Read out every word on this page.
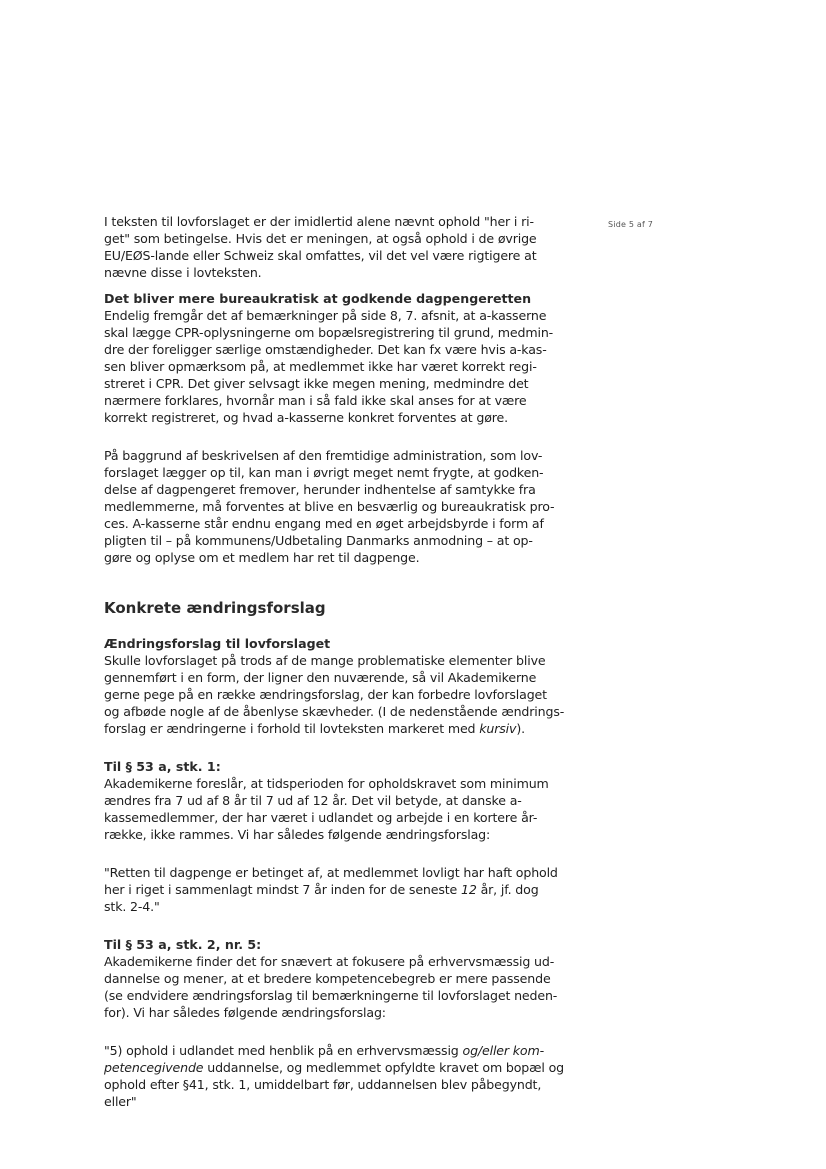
Side 5 af 7
I teksten til lovforslaget er der imidlertid alene nævnt ophold "her i ri-
get" som betingelse. Hvis det er meningen, at også ophold i de øvrige
EU/EØS-lande eller Schweiz skal omfattes, vil det vel være rigtigere at
nævne disse i lovteksten.
Det bliver mere bureaukratisk at godkende dagpengeretten
Endelig fremgår det af bemærkninger på side 8, 7. afsnit, at a-kasserne
skal lægge CPR-oplysningerne om bopælsregistrering til grund, medmin-
dre der foreligger særlige omstændigheder. Det kan fx være hvis a-kas-
sen bliver opmærksom på, at medlemmet ikke har været korrekt regi-
streret i CPR. Det giver selvsagt ikke megen mening, medmindre det
nærmere forklares, hvornår man i så fald ikke skal anses for at være
korrekt registreret, og hvad a-kasserne konkret forventes at gøre.
På baggrund af beskrivelsen af den fremtidige administration, som lov-
forslaget lægger op til, kan man i øvrigt meget nemt frygte, at godken-
delse af dagpengeret fremover, herunder indhentelse af samtykke fra
medlemmerne, må forventes at blive en besværlig og bureaukratisk pro-
ces. A-kasserne står endnu engang med en øget arbejdsbyrde i form af
pligten til – på kommunens/Udbetaling Danmarks anmodning – at op-
gøre og oplyse om et medlem har ret til dagpenge.
Konkrete ændringsforslag
Ændringsforslag til lovforslaget
Skulle lovforslaget på trods af de mange problematiske elementer blive
gennemført i en form, der ligner den nuværende, så vil Akademikerne
gerne pege på en række ændringsforslag, der kan forbedre lovforslaget
og afbøde nogle af de åbenlyse skævheder. (I de nedenstående ændrings-
forslag er ændringerne i forhold til lovteksten markeret med kursiv).
Til § 53 a, stk. 1:
Akademikerne foreslår, at tidsperioden for opholdskravet som minimum
ændres fra 7 ud af 8 år til 7 ud af 12 år. Det vil betyde, at danske a-
kassemedlemmer, der har været i udlandet og arbejde i en kortere år-
række, ikke rammes. Vi har således følgende ændringsforslag:
"Retten til dagpenge er betinget af, at medlemmet lovligt har haft ophold
her i riget i sammenlagt mindst 7 år inden for de seneste 12 år, jf. dog
stk. 2-4."
Til § 53 a, stk. 2, nr. 5:
Akademikerne finder det for snævert at fokusere på erhvervsmæssig ud-
dannelse og mener, at et bredere kompetencebegreb er mere passende
(se endvidere ændringsforslag til bemærkningerne til lovforslaget neden-
for). Vi har således følgende ændringsforslag:
"5) ophold i udlandet med henblik på en erhvervsmæssig og/eller kom-
petencegivende uddannelse, og medlemmet opfyldte kravet om bopæl og
ophold efter §41, stk. 1, umiddelbart før, uddannelsen blev påbegyndt,
eller"
